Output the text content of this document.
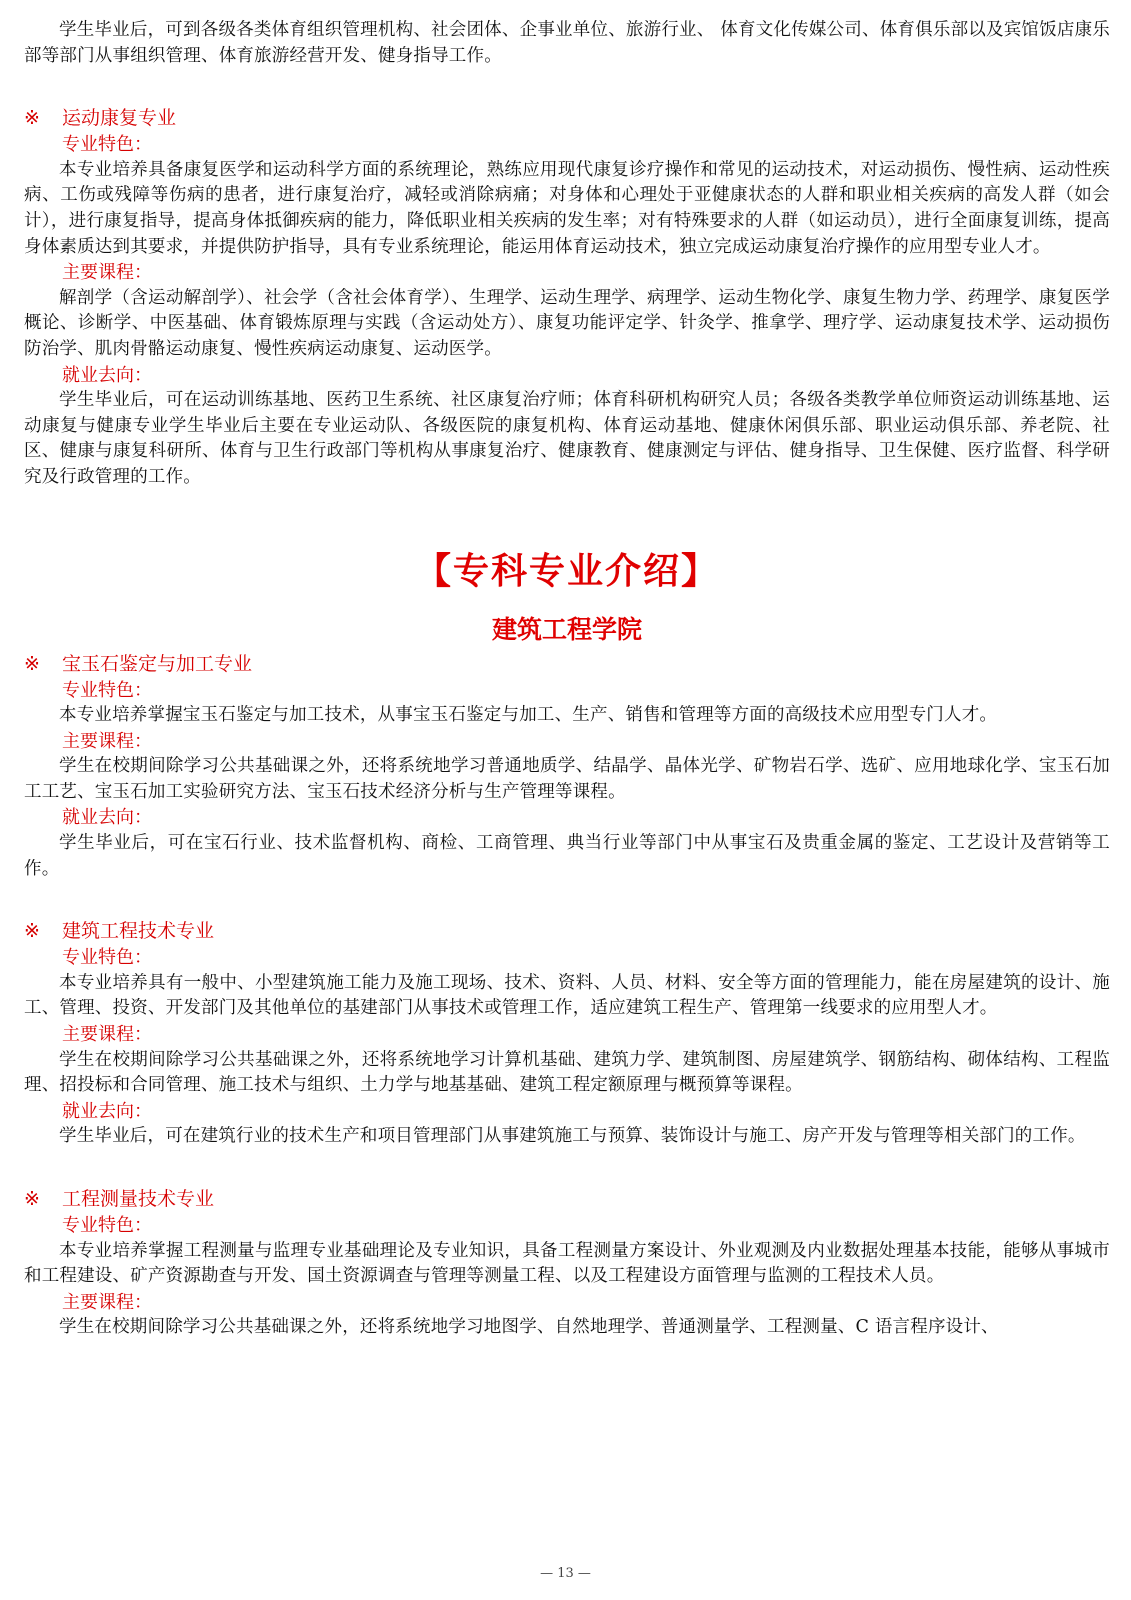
学生毕业后，可到各级各类体育组织管理机构、社会团体、企事业单位、旅游行业、 体育文化传媒公司、体育俱乐部以及宾馆饭店康乐部等部门从事组织管理、体育旅游经营开发、健身指导工作。

※ 运动康复专业

专业特色：

本专业培养具备康复医学和运动科学方面的系统理论，熟练应用现代康复诊疗操作和常见的运动技术，对运动损伤、慢性病、运动性疾病、工伤或残障等伤病的患者，进行康复治疗，减轻或消除病痛；对身体和心理处于亚健康状态的人群和职业相关疾病的高发人群（如会计），进行康复指导，提高身体抵御疾病的能力，降低职业相关疾病的发生率；对有特殊要求的人群（如运动员），进行全面康复训练，提高身体素质达到其要求，并提供防护指导，具有专业系统理论，能运用体育运动技术，独立完成运动康复治疗操作的应用型专业人才。

主要课程：

解剖学（含运动解剖学）、社会学（含社会体育学）、生理学、运动生理学、病理学、运动生物化学、康复生物力学、药理学、康复医学概论、诊断学、中医基础、体育锻炼原理与实践（含运动处方）、康复功能评定学、针灸学、推拿学、理疗学、运动康复技术学、运动损伤防治学、肌肉骨骼运动康复、慢性疾病运动康复、运动医学。

就业去向：

学生毕业后，可在运动训练基地、医药卫生系统、社区康复治疗师；体育科研机构研究人员；各级各类教学单位师资运动训练基地、运动康复与健康专业学生毕业后主要在专业运动队、各级医院的康复机构、体育运动基地、健康休闲俱乐部、职业运动俱乐部、养老院、社区、健康与康复科研所、体育与卫生行政部门等机构从事康复治疗、健康教育、健康测定与评估、健身指导、卫生保健、医疗监督、科学研究及行政管理的工作。

【专科专业介绍】
建筑工程学院

※ 宝玉石鉴定与加工专业

专业特色：

本专业培养掌握宝玉石鉴定与加工技术，从事宝玉石鉴定与加工、生产、销售和管理等方面的高级技术应用型专门人才。

主要课程：

学生在校期间除学习公共基础课之外，还将系统地学习普通地质学、结晶学、晶体光学、矿物岩石学、选矿、应用地球化学、宝玉石加工工艺、宝玉石加工实验研究方法、宝玉石技术经济分析与生产管理等课程。

就业去向：

学生毕业后，可在宝石行业、技术监督机构、商检、工商管理、典当行业等部门中从事宝石及贵重金属的鉴定、工艺设计及营销等工作。

※ 建筑工程技术专业

专业特色：

本专业培养具有一般中、小型建筑施工能力及施工现场、技术、资料、人员、材料、安全等方面的管理能力，能在房屋建筑的设计、施工、管理、投资、开发部门及其他单位的基建部门从事技术或管理工作，适应建筑工程生产、管理第一线要求的应用型人才。

主要课程：

学生在校期间除学习公共基础课之外，还将系统地学习计算机基础、建筑力学、建筑制图、房屋建筑学、钢筋结构、砌体结构、工程监理、招投标和合同管理、施工技术与组织、土力学与地基基础、建筑工程定额原理与概预算等课程。

就业去向：

学生毕业后，可在建筑行业的技术生产和项目管理部门从事建筑施工与预算、装饰设计与施工、房产开发与管理等相关部门的工作。

※ 工程测量技术专业

专业特色：

本专业培养掌握工程测量与监理专业基础理论及专业知识，具备工程测量方案设计、外业观测及内业数据处理基本技能，能够从事城市和工程建设、矿产资源勘查与开发、国土资源调查与管理等测量工程、以及工程建设方面管理与监测的工程技术人员。

主要课程：

学生在校期间除学习公共基础课之外，还将系统地学习地图学、自然地理学、普通测量学、工程测量、C 语言程序设计、

— 13 —
